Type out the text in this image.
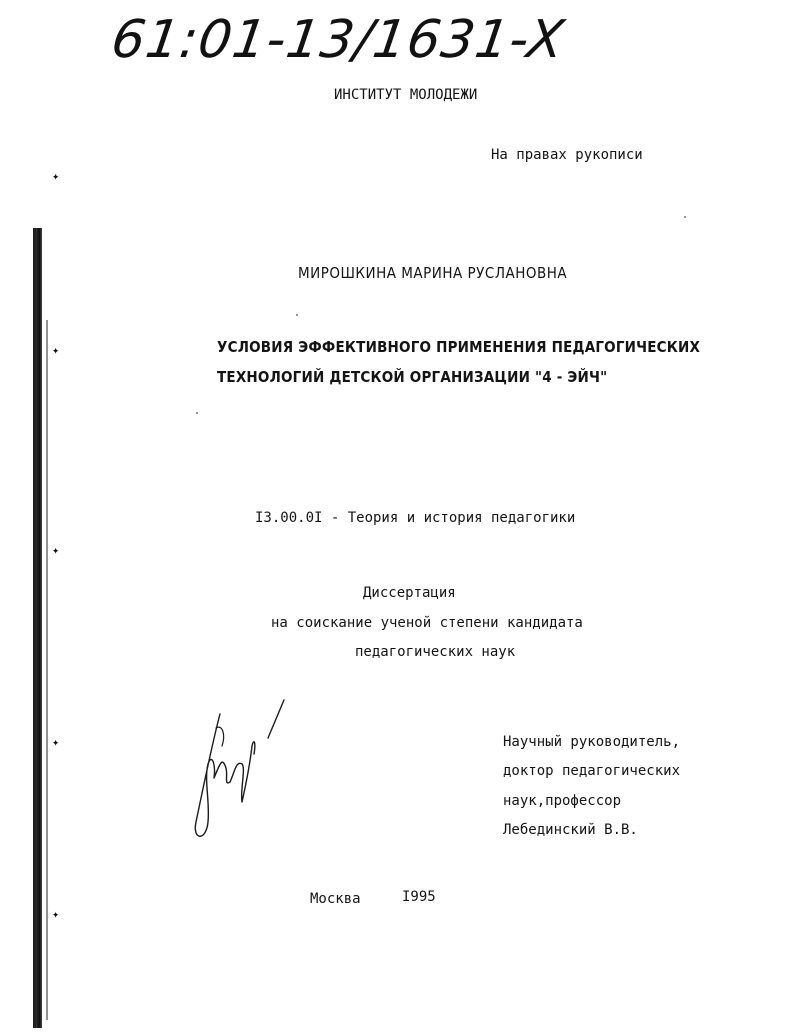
✦
✦
✦
✦
✦
61:01-13/1631-X
ИНСТИТУТ МОЛОДЕЖИ
На правах рукописи
МИРОШКИНА МАРИНА РУСЛАНОВНА
УСЛОВИЯ ЭФФЕКТИВНОГО ПРИМЕНЕНИЯ ПЕДАГОГИЧЕСКИХ
ТЕХНОЛОГИЙ ДЕТСКОЙ ОРГАНИЗАЦИИ "4 - ЭЙЧ"
I3.00.0I - Теория и история педагогики
Диссертация
на соискание ученой степени кандидата
педагогических наук
Научный руководитель,
доктор педагогических
наук,профессор
Лебединский В.В.
Москва	I995
